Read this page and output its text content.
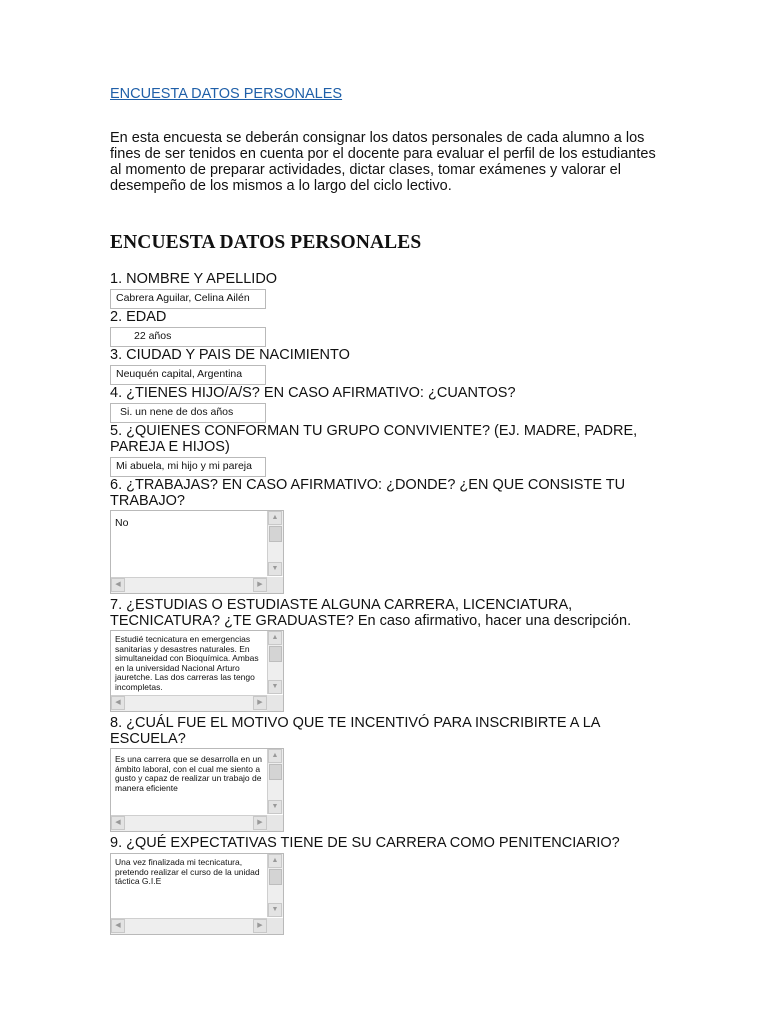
ENCUESTA DATOS PERSONALES
En esta encuesta se deberán consignar los datos personales de cada alumno a los fines de ser tenidos en cuenta por el docente para evaluar el perfil de los estudiantes al momento de preparar actividades, dictar clases, tomar exámenes y valorar el desempeño de los mismos a lo largo del ciclo lectivo.
ENCUESTA DATOS PERSONALES
1. NOMBRE Y APELLIDO
Cabrera Aguilar, Celina Ailén
2. EDAD
22 años
3. CIUDAD Y PAIS DE NACIMIENTO
Neuquén capital, Argentina
4. ¿TIENES HIJO/A/S? EN CASO AFIRMATIVO: ¿CUANTOS?
Si. un nene de dos años
5. ¿QUIENES CONFORMAN TU GRUPO CONVIVIENTE? (EJ. MADRE, PADRE, PAREJA E HIJOS)
Mi abuela, mi hijo y mi pareja
6. ¿TRABAJAS? EN CASO AFIRMATIVO: ¿DONDE? ¿EN QUE CONSISTE TU TRABAJO?
No	▲
▼
◀	▶
7. ¿ESTUDIAS O ESTUDIASTE ALGUNA CARRERA, LICENCIATURA, TECNICATURA? ¿TE GRADUASTE? En caso afirmativo, hacer una descripción.
Estudié tecnicatura en emergencias sanitarias y desastres naturales. En simultaneidad con Bioquímica. Ambas en la universidad Nacional Arturo jauretche. Las dos carreras las tengo incompletas.
▲
▼
◀	▶
8. ¿CUÁL FUE EL MOTIVO QUE TE INCENTIVÓ PARA INSCRIBIRTE A LA ESCUELA?
Es una carrera que se desarrolla en un ámbito laboral, con el cual me siento a gusto y capaz de realizar un trabajo de manera eficiente
▲
▼
◀	▶
9. ¿QUÉ EXPECTATIVAS TIENE DE SU CARRERA COMO PENITENCIARIO?
Una vez finalizada mi tecnicatura, pretendo realizar el curso de la unidad táctica G.I.E
▲
▼
◀	▶
